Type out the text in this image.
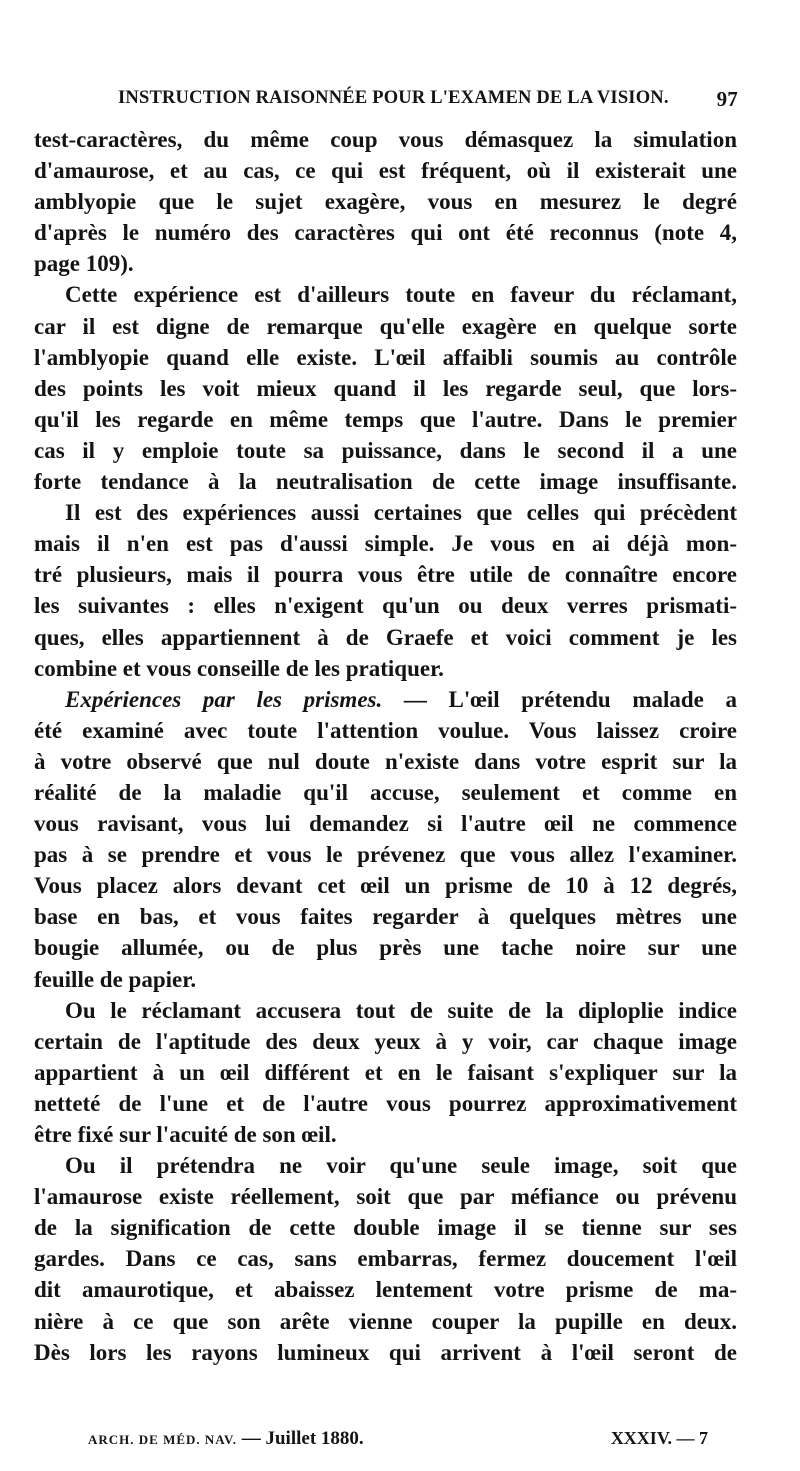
INSTRUCTION RAISONNÉE POUR L'EXAMEN DE LA VISION. 97
test-caractères, du même coup vous démasquez la simulation
d'amaurose, et au cas, ce qui est fréquent, où il existerait une
amblyopie que le sujet exagère, vous en mesurez le degré
d'après le numéro des caractères qui ont été reconnus (note 4,
page 109).
Cette expérience est d'ailleurs toute en faveur du réclamant,
car il est digne de remarque qu'elle exagère en quelque sorte
l'amblyopie quand elle existe. L'œil affaibli soumis au contrôle
des points les voit mieux quand il les regarde seul, que lors-
qu'il les regarde en même temps que l'autre. Dans le premier
cas il y emploie toute sa puissance, dans le second il a une
forte tendance à la neutralisation de cette image insuffisante.
Il est des expériences aussi certaines que celles qui précèdent
mais il n'en est pas d'aussi simple. Je vous en ai déjà mon-
tré plusieurs, mais il pourra vous être utile de connaître encore
les suivantes : elles n'exigent qu'un ou deux verres prismati-
ques, elles appartiennent à de Graefe et voici comment je les
combine et vous conseille de les pratiquer.
Expériences par les prismes. — L'œil prétendu malade a
été examiné avec toute l'attention voulue. Vous laissez croire
à votre observé que nul doute n'existe dans votre esprit sur la
réalité de la maladie qu'il accuse, seulement et comme en
vous ravisant, vous lui demandez si l'autre œil ne commence
pas à se prendre et vous le prévenez que vous allez l'examiner.
Vous placez alors devant cet œil un prisme de 10 à 12 degrés,
base en bas, et vous faites regarder à quelques mètres une
bougie allumée, ou de plus près une tache noire sur une
feuille de papier.
Ou le réclamant accusera tout de suite de la diploplie indice
certain de l'aptitude des deux yeux à y voir, car chaque image
appartient à un œil différent et en le faisant s'expliquer sur la
netteté de l'une et de l'autre vous pourrez approximativement
être fixé sur l'acuité de son œil.
Ou il prétendra ne voir qu'une seule image, soit que
l'amaurose existe réellement, soit que par méfiance ou prévenu
de la signification de cette double image il se tienne sur ses
gardes. Dans ce cas, sans embarras, fermez doucement l'œil
dit amaurotique, et abaissez lentement votre prisme de ma-
nière à ce que son arête vienne couper la pupille en deux.
Dès lors les rayons lumineux qui arrivent à l'œil seront de
ARCH. DE MÉD. NAV. — Juillet 1880.	XXXIV. — 7
